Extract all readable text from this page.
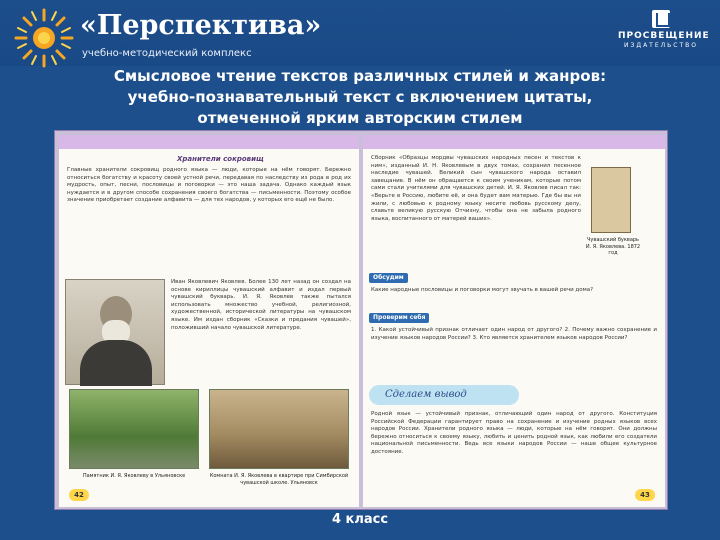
«Перспектива»
учебно-методический комплекс
ПРОСВЕЩЕНИЕ
ИЗДАТЕЛЬСТВО
Смысловое чтение текстов различных стилей и жанров:
учебно-познавательный текст с включением цитаты,
отмеченной ярким авторским стилем
Хранители сокровищ
Главные хранители сокровищ родного языка — люди, которые на нём говорят. Бережно относиться богатству и красоту своей устной речи, передавая по наследству из рода в род их мудрость, опыт, песни, пословицы и поговорки — это наша задача. Однако каждый язык нуждается и в другом способе сохранения своего богатства — письменности. Поэтому особое значение приобретает создание алфавита — для тех народов, у которых его ещё не было.
Иван Яковлевич Яковлев. Более 130 лет назад он создал на основе кириллицы чувашский алфавит и издал первый чувашский букварь. И. Я. Яковлев также пытался использовать множество учебной, религиозной, художественной, исторической литературы на чувашском языке. Им издан сборник «Сказки и предания чувашей», положивший начало чувашской литературе.
Памятник И. Я. Яковлеву в Ульяновске	Комната И. Я. Яковлева в квартире при Симбирской чувашской школе. Ульяновск
42
Сборник «Образцы мордвы чувашских народных песен и текстов к ним», изданный И. Н. Яковлевым в двух томах, сохранил песенное наследие чувашей. Великий сын чувашского народа оставил завещание. В нём он обращается к своим ученикам, которые потом сами стали учителями для чувашских детей. И. Я. Яковлев писал так: «Верьте в Россию, любите её, и она будет вам матерью. Где бы вы ни жили, с любовью к родному языку несите любовь русскому делу, славьте великую русскую Отчизну, чтобы она не забыла родного языка, воспитанного от матерей ваших».
Чувашский букварь И. Я. Яковлева. 1872 год
Обсудим
Какие народные пословицы и поговорки могут звучать в вашей речи дома?
Проверим себя
1. Какой устойчивый признак отличает один народ от другого? 2. Почему важно сохранение и изучение языков народов России? 3. Кто является хранителем языков народов России?
Сделаем вывод
Родной язык — устойчивый признак, отличающий один народ от другого. Конституция Российской Федерации гарантирует право на сохранение и изучение родных языков всех народов России. Хранители родного языка — люди, которые на нём говорят. Они должны бережно относиться к своему языку, любить и ценить родной язык, как любили его создатели национальной письменности. Ведь все языки народов России — наше общее культурное достояние.
43
4 класс
